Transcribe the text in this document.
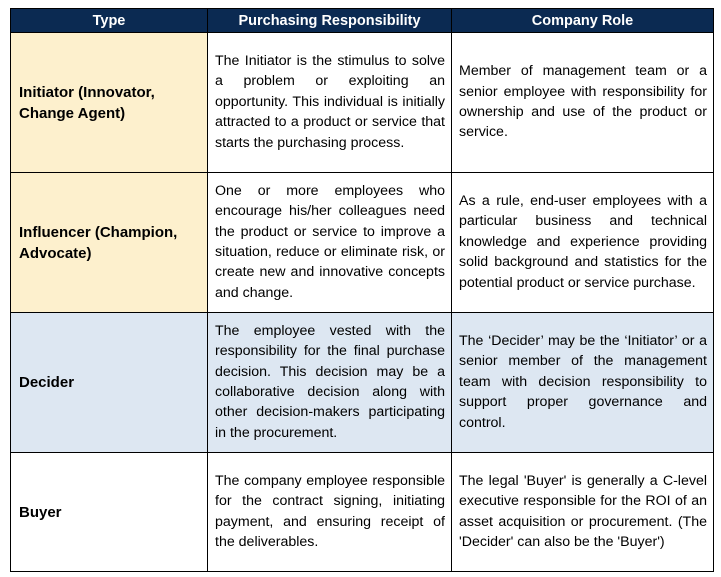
Type	Purchasing Responsibility	Company Role
Initiator (Innovator, Change Agent)	The Initiator is the stimulus to solve a problem or exploiting an opportunity. This individual is initially attracted to a product or service that starts the purchasing process.	Member of management team or a senior employee with responsibility for ownership and use of the product or service.
Influencer (Champion, Advocate)	One or more employees who encourage his/her colleagues need the product or service to improve a situation, reduce or eliminate risk, or create new and innovative concepts and change.	As a rule, end-user employees with a particular business and technical knowledge and experience providing solid background and statistics for the potential product or service purchase.
Decider	The employee vested with the responsibility for the final purchase decision. This decision may be a collaborative decision along with other decision-makers participating in the procurement.	The ‘Decider’ may be the ‘Initiator’ or a senior member of the management team with decision responsibility to support proper governance and control.
Buyer	The company employee responsible for the contract signing, initiating payment, and ensuring receipt of the deliverables.	The legal 'Buyer' is generally a C-level executive responsible for the ROI of an asset acquisition or procurement. (The 'Decider' can also be the 'Buyer')
